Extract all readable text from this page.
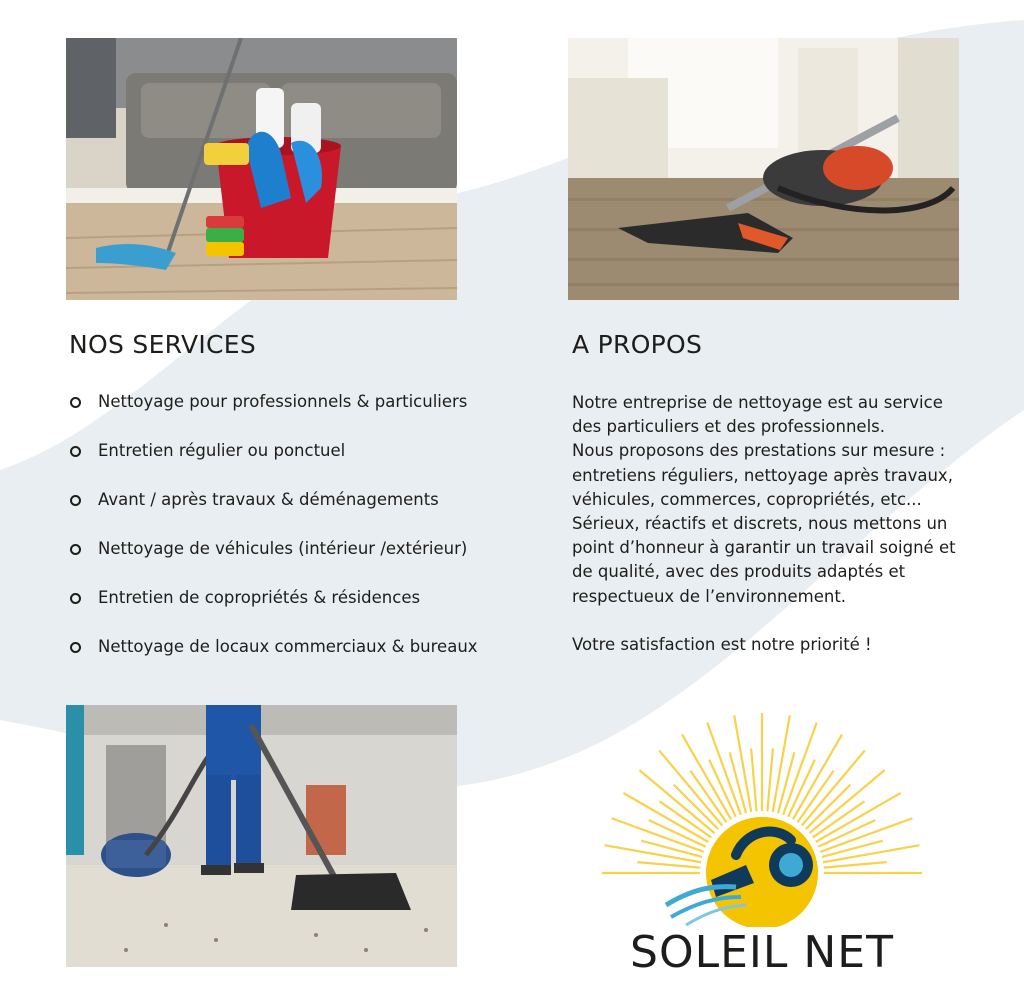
NOS SERVICES	A PROPOS
Nettoyage pour professionnels & particuliers
Entretien régulier ou ponctuel
Avant / après travaux & déménagements
Nettoyage de véhicules (intérieur /extérieur)
Entretien de copropriétés & résidences
Nettoyage de locaux commerciaux & bureaux

Notre entreprise de nettoyage est au service

des particuliers et des professionnels.

Nous proposons des prestations sur mesure :

entretiens réguliers, nettoyage après travaux,

véhicules, commerces, copropriétés, etc...

Sérieux, réactifs et discrets, nous mettons un

point d’honneur à garantir un travail soigné et

de qualité, avec des produits adaptés et

respectueux de l’environnement.

Votre satisfaction est notre priorité !

SOLEIL NET
